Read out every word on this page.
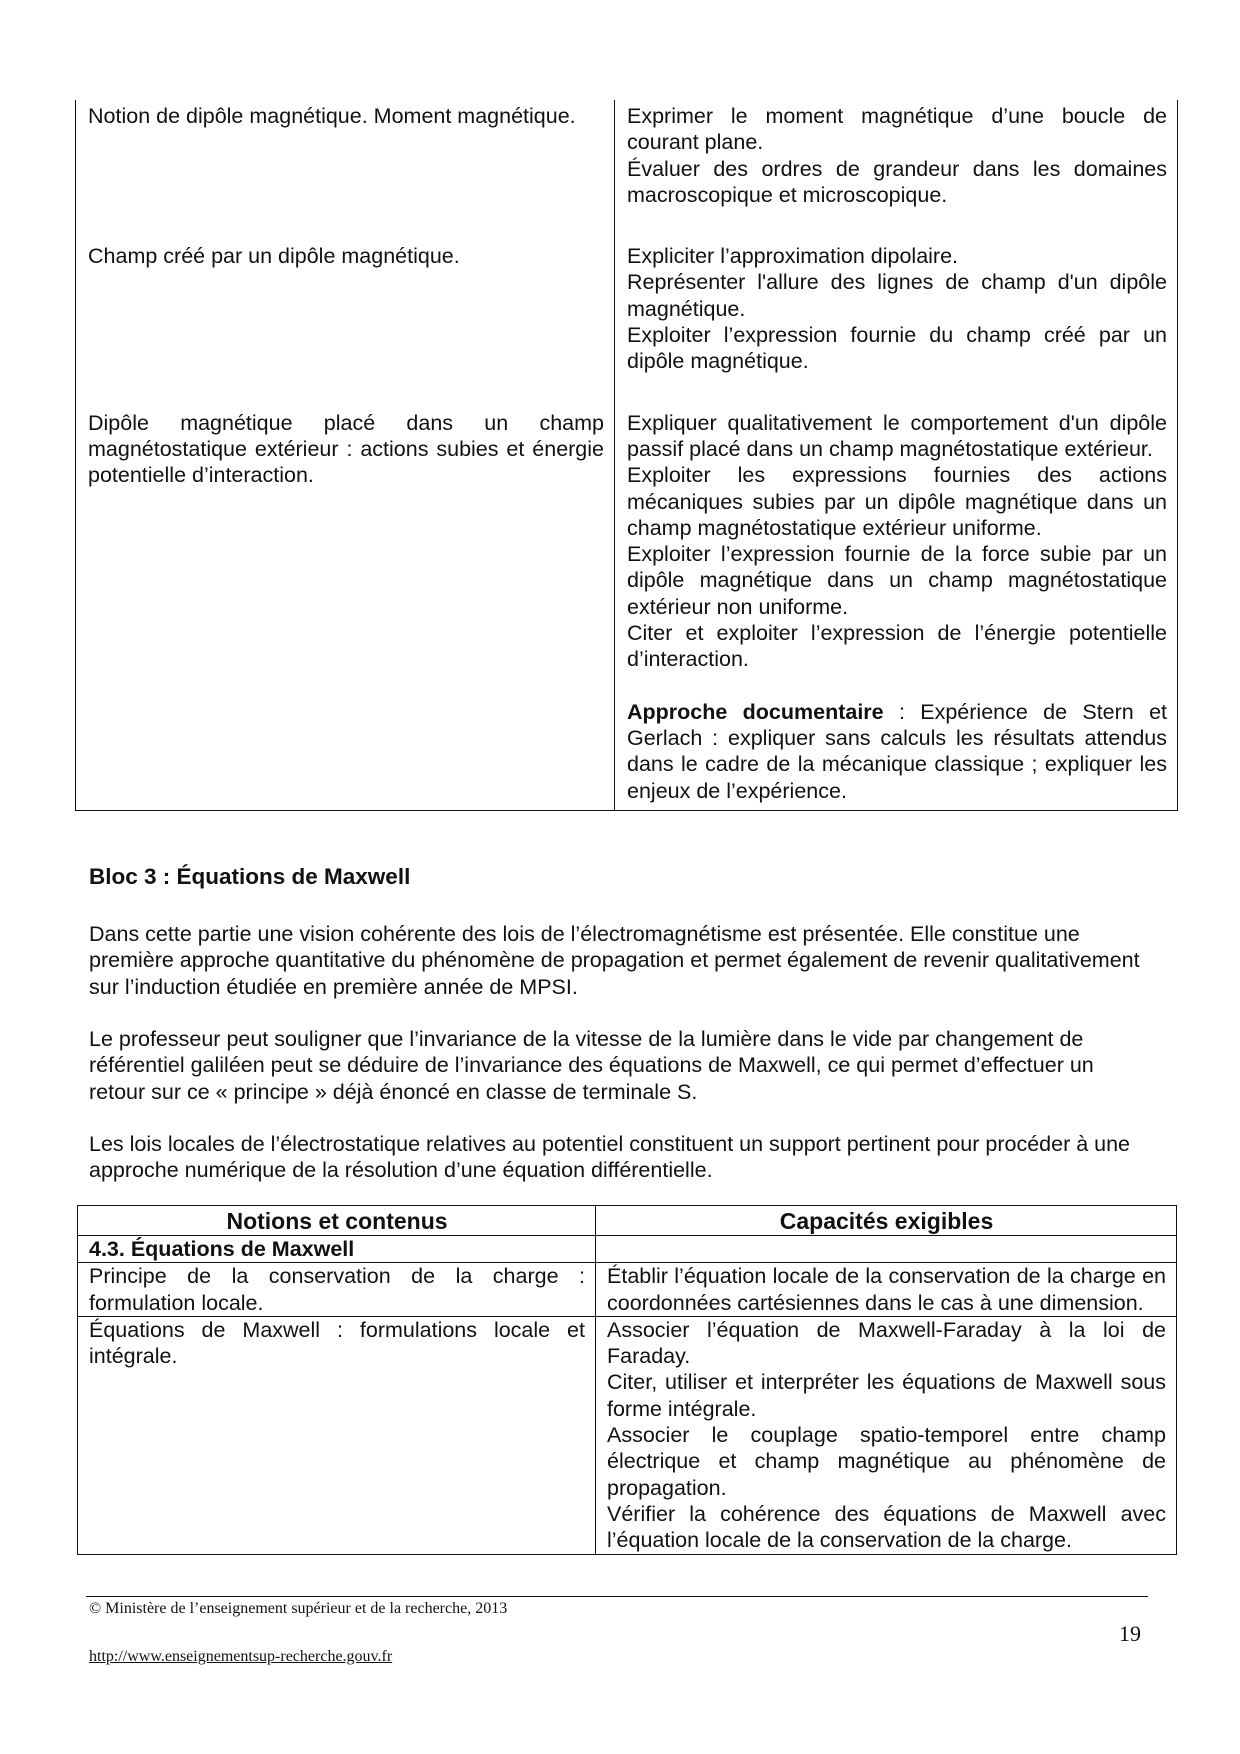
Notion de dipôle magnétique. Moment magnétique.	Exprimer le moment magnétique d’une boucle de courant plane.
Évaluer des ordres de grandeur dans les domaines macroscopique et microscopique.

Champ créé par un dipôle magnétique.	Expliciter l’approximation dipolaire.
Représenter l'allure des lignes de champ d'un dipôle magnétique.
Exploiter l’expression fournie du champ créé par un dipôle magnétique.

Dipôle magnétique placé dans un champ magnétostatique extérieur : actions subies et énergie potentielle d’interaction.	Expliquer qualitativement le comportement d'un dipôle passif placé dans un champ magnétostatique extérieur.
Exploiter les expressions fournies des actions mécaniques subies par un dipôle magnétique dans un champ magnétostatique extérieur uniforme.
Exploiter l’expression fournie de la force subie par un dipôle magnétique dans un champ magnétostatique extérieur non uniforme.
Citer et exploiter l’expression de l’énergie potentielle d’interaction.
Approche documentaire : Expérience de Stern et Gerlach : expliquer sans calculs les résultats attendus dans le cadre de la mécanique classique ; expliquer les enjeux de l’expérience.
Bloc 3 : Équations de Maxwell

Dans cette partie une vision cohérente des lois de l’électromagnétisme est présentée. Elle constitue une première approche quantitative du phénomène de propagation et permet également de revenir qualitativement sur l’induction étudiée en première année de MPSI.

Le professeur peut souligner que l’invariance de la vitesse de la lumière dans le vide par changement de référentiel galiléen peut se déduire de l’invariance des équations de Maxwell, ce qui permet d’effectuer un retour sur ce « principe » déjà énoncé en classe de terminale S.

Les lois locales de l’électrostatique relatives au potentiel constituent un support pertinent pour procéder à une approche numérique de la résolution d’une équation différentielle.

Notions et contenus	Capacités exigibles
4.3. Équations de Maxwell	
Principe de la conservation de la charge : formulation locale.	Établir l’équation locale de la conservation de la charge en coordonnées cartésiennes dans le cas à une dimension.

Équations de Maxwell : formulations locale et intégrale.	Associer l’équation de Maxwell-Faraday à la loi de Faraday.
Citer, utiliser et interpréter les équations de Maxwell sous forme intégrale.
Associer le couplage spatio-temporel entre champ électrique et champ magnétique au phénomène de propagation.
Vérifier la cohérence des équations de Maxwell avec l’équation locale de la conservation de la charge.
© Ministère de l’enseignement supérieur et de la recherche, 2013
19
http://www.enseignementsup-recherche.gouv.fr
